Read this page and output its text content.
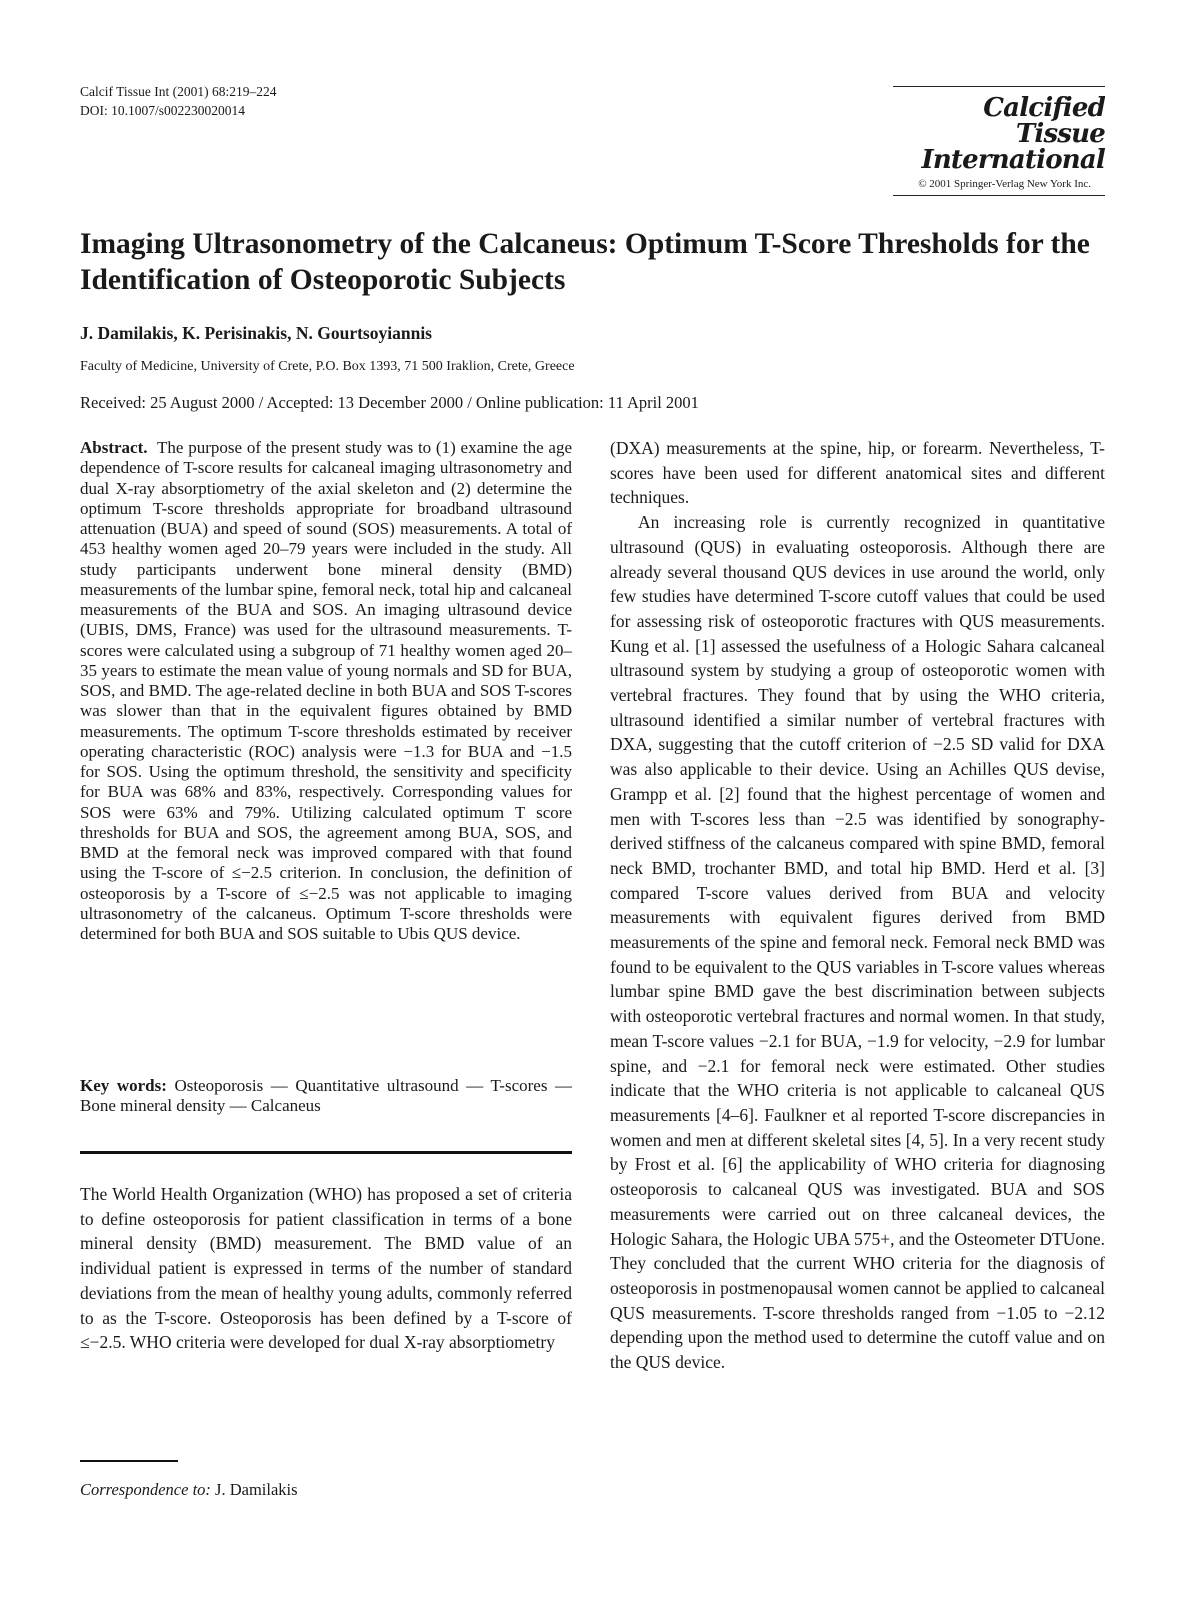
Calcif Tissue Int (2001) 68:219–224
DOI: 10.1007/s002230020014	Calcified Tissue
International
© 2001 Springer-Verlag New York Inc.
Imaging Ultrasonometry of the Calcaneus: Optimum T-Score Thresholds for the Identification of Osteoporotic Subjects
J. Damilakis, K. Perisinakis, N. Gourtsoyiannis
Faculty of Medicine, University of Crete, P.O. Box 1393, 71 500 Iraklion, Crete, Greece
Received: 25 August 2000 / Accepted: 13 December 2000 / Online publication: 11 April 2001

Abstract. The purpose of the present study was to (1) examine the age dependence of T-score results for calcaneal imaging ultrasonometry and dual X-ray absorptiometry of the axial skeleton and (2) determine the optimum T-score thresholds appropriate for broadband ultrasound attenuation (BUA) and speed of sound (SOS) measurements. A total of 453 healthy women aged 20–79 years were included in the study. All study participants underwent bone mineral density (BMD) measurements of the lumbar spine, femoral neck, total hip and calcaneal measurements of the BUA and SOS. An imaging ultrasound device (UBIS, DMS, France) was used for the ultrasound measurements. T-scores were calculated using a subgroup of 71 healthy women aged 20–35 years to estimate the mean value of young normals and SD for BUA, SOS, and BMD. The age-related decline in both BUA and SOS T-scores was slower than that in the equivalent figures obtained by BMD measurements. The optimum T-score thresholds estimated by receiver operating characteristic (ROC) analysis were −1.3 for BUA and −1.5 for SOS. Using the optimum threshold, the sensitivity and specificity for BUA was 68% and 83%, respectively. Corresponding values for SOS were 63% and 79%. Utilizing calculated optimum T score thresholds for BUA and SOS, the agreement among BUA, SOS, and BMD at the femoral neck was improved compared with that found using the T-score of ≤−2.5 criterion. In conclusion, the definition of osteoporosis by a T-score of ≤−2.5 was not applicable to imaging ultrasonometry of the calcaneus. Optimum T-score thresholds were determined for both BUA and SOS suitable to Ubis QUS device.

Key words: Osteoporosis — Quantitative ultrasound — T-scores — Bone mineral density — Calcaneus

The World Health Organization (WHO) has proposed a set of criteria to define osteoporosis for patient classification in terms of a bone mineral density (BMD) measurement. The BMD value of an individual patient is expressed in terms of the number of standard deviations from the mean of healthy young adults, commonly referred to as the T-score. Osteoporosis has been defined by a T-score of ≤−2.5. WHO criteria were developed for dual X-ray absorptiometry

Correspondence to: J. Damilakis

(DXA) measurements at the spine, hip, or forearm. Nevertheless, T-scores have been used for different anatomical sites and different techniques.

An increasing role is currently recognized in quantitative ultrasound (QUS) in evaluating osteoporosis. Although there are already several thousand QUS devices in use around the world, only few studies have determined T-score cutoff values that could be used for assessing risk of osteoporotic fractures with QUS measurements. Kung et al. [1] assessed the usefulness of a Hologic Sahara calcaneal ultrasound system by studying a group of osteoporotic women with vertebral fractures. They found that by using the WHO criteria, ultrasound identified a similar number of vertebral fractures with DXA, suggesting that the cutoff criterion of −2.5 SD valid for DXA was also applicable to their device. Using an Achilles QUS devise, Grampp et al. [2] found that the highest percentage of women and men with T-scores less than −2.5 was identified by sonography-derived stiffness of the calcaneus compared with spine BMD, femoral neck BMD, trochanter BMD, and total hip BMD. Herd et al. [3] compared T-score values derived from BUA and velocity measurements with equivalent figures derived from BMD measurements of the spine and femoral neck. Femoral neck BMD was found to be equivalent to the QUS variables in T-score values whereas lumbar spine BMD gave the best discrimination between subjects with osteoporotic vertebral fractures and normal women. In that study, mean T-score values −2.1 for BUA, −1.9 for velocity, −2.9 for lumbar spine, and −2.1 for femoral neck were estimated. Other studies indicate that the WHO criteria is not applicable to calcaneal QUS measurements [4–6]. Faulkner et al reported T-score discrepancies in women and men at different skeletal sites [4, 5]. In a very recent study by Frost et al. [6] the applicability of WHO criteria for diagnosing osteoporosis to calcaneal QUS was investigated. BUA and SOS measurements were carried out on three calcaneal devices, the Hologic Sahara, the Hologic UBA 575+, and the Osteometer DTUone. They concluded that the current WHO criteria for the diagnosis of osteoporosis in postmenopausal women cannot be applied to calcaneal QUS measurements. T-score thresholds ranged from −1.05 to −2.12 depending upon the method used to determine the cutoff value and on the QUS device.
